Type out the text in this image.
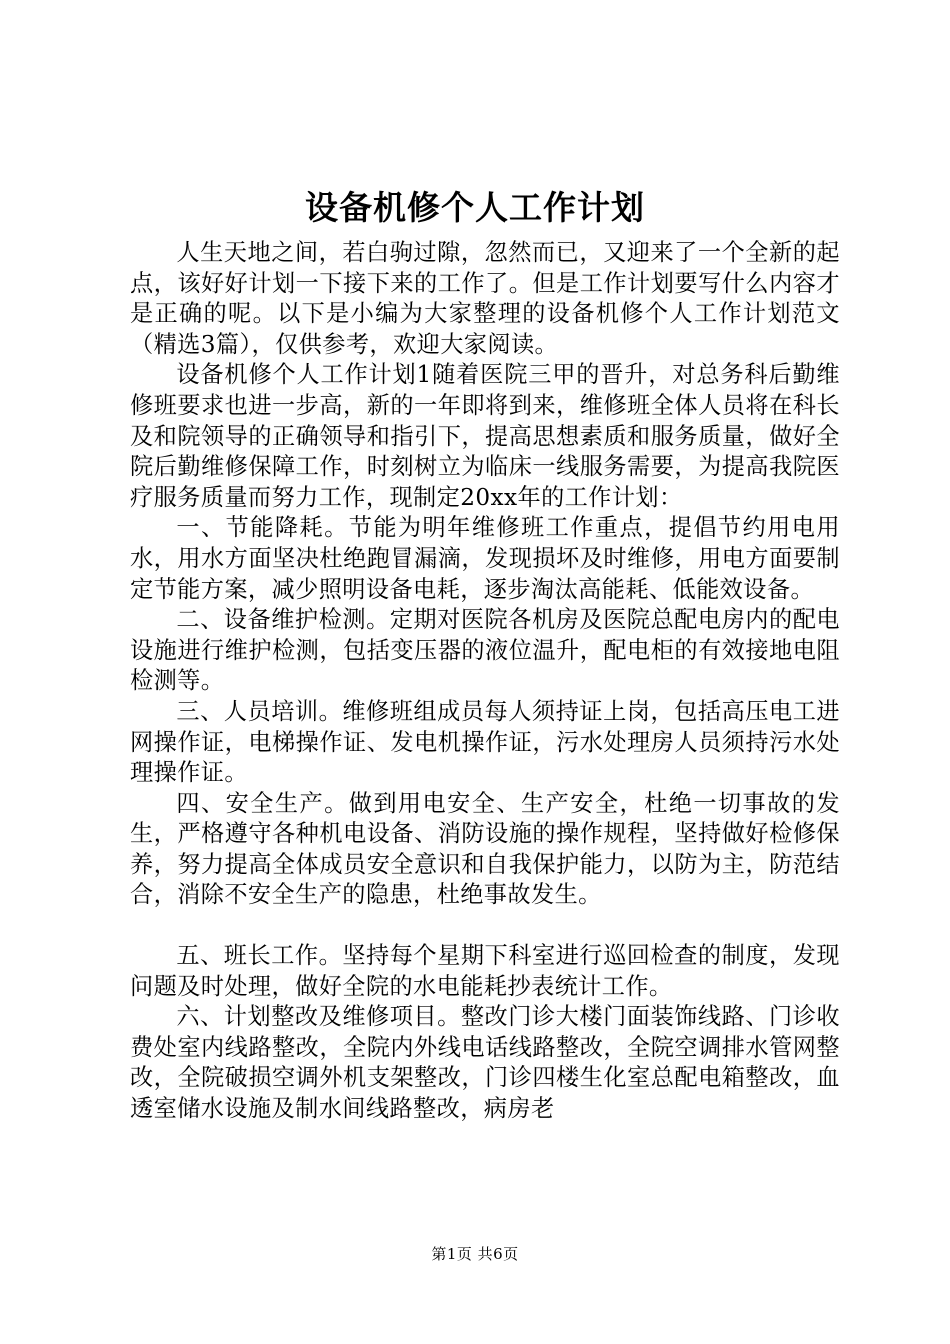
设备机修个人工作计划

人生天地之间，若白驹过隙，忽然而已，又迎来了一个全新的起点，该好好计划一下接下来的工作了。但是工作计划要写什么内容才是正确的呢。以下是小编为大家整理的设备机修个人工作计划范文（精选3篇），仅供参考，欢迎大家阅读。

设备机修个人工作计划1随着医院三甲的晋升，对总务科后勤维修班要求也进一步高，新的一年即将到来，维修班全体人员将在科长及和院领导的正确领导和指引下，提高思想素质和服务质量，做好全院后勤维修保障工作，时刻树立为临床一线服务需要，为提高我院医疗服务质量而努力工作，现制定20xx年的工作计划：

一、节能降耗。节能为明年维修班工作重点，提倡节约用电用水，用水方面坚决杜绝跑冒漏滴，发现损坏及时维修，用电方面要制定节能方案，减少照明设备电耗，逐步淘汰高能耗、低能效设备。

二、设备维护检测。定期对医院各机房及医院总配电房内的配电设施进行维护检测，包括变压器的液位温升，配电柜的有效接地电阻检测等。

三、人员培训。维修班组成员每人须持证上岗，包括高压电工进网操作证，电梯操作证、发电机操作证，污水处理房人员须持污水处理操作证。

四、安全生产。做到用电安全、生产安全，杜绝一切事故的发生，严格遵守各种机电设备、消防设施的操作规程，坚持做好检修保养，努力提高全体成员安全意识和自我保护能力，以防为主，防范结合，消除不安全生产的隐患，杜绝事故发生。

五、班长工作。坚持每个星期下科室进行巡回检查的制度，发现问题及时处理，做好全院的水电能耗抄表统计工作。

六、计划整改及维修项目。整改门诊大楼门面装饰线路、门诊收费处室内线路整改，全院内外线电话线路整改，全院空调排水管网整改，全院破损空调外机支架整改，门诊四楼生化室总配电箱整改，血透室储水设施及制水间线路整改，病房老

第1页 共6页
